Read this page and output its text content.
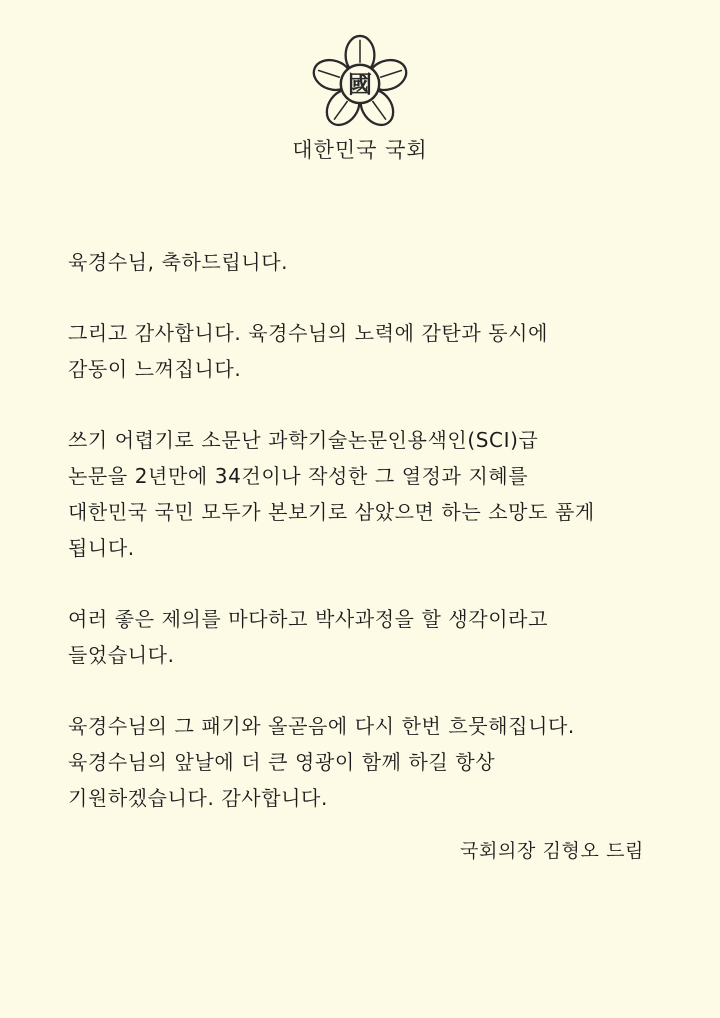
國
대한민국 국회
육경수님, 축하드립니다.
그리고 감사합니다. 육경수님의 노력에 감탄과 동시에
감동이 느껴집니다.
쓰기 어렵기로 소문난 과학기술논문인용색인(SCI)급
논문을 2년만에 34건이나 작성한 그 열정과 지혜를
대한민국 국민 모두가 본보기로 삼았으면 하는 소망도 품게
됩니다.
여러 좋은 제의를 마다하고 박사과정을 할 생각이라고
들었습니다.
육경수님의 그 패기와 올곧음에 다시 한번 흐뭇해집니다.
육경수님의 앞날에 더 큰 영광이 함께 하길 항상
기원하겠습니다. 감사합니다.
국회의장 김형오 드림
